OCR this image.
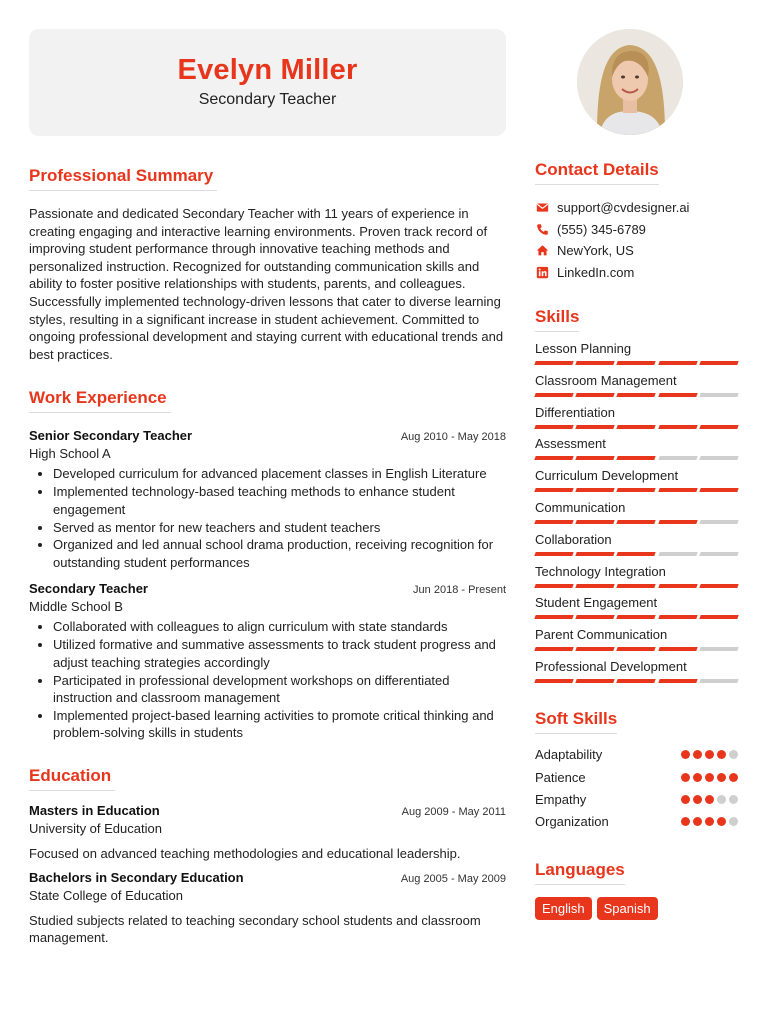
Evelyn Miller
Secondary Teacher
Professional Summary

Passionate and dedicated Secondary Teacher with 11 years of experience in creating engaging and interactive learning environments. Proven track record of improving student performance through innovative teaching methods and personalized instruction. Recognized for outstanding communication skills and ability to foster positive relationships with students, parents, and colleagues. Successfully implemented technology-driven lessons that cater to diverse learning styles, resulting in a significant increase in student achievement. Committed to ongoing professional development and staying current with educational trends and best practices.

Work Experience
Senior Secondary Teacher	Aug 2010 - May 2018
High School A
• Developed curriculum for advanced placement classes in English Literature
• Implemented technology-based teaching methods to enhance student engagement
• Served as mentor for new teachers and student teachers
• Organized and led annual school drama production, receiving recognition for outstanding student performances
Secondary Teacher	Jun 2018 - Present
Middle School B
• Collaborated with colleagues to align curriculum with state standards
• Utilized formative and summative assessments to track student progress and adjust teaching strategies accordingly
• Participated in professional development workshops on differentiated instruction and classroom management
• Implemented project-based learning activities to promote critical thinking and problem-solving skills in students
Education
Masters in Education	Aug 2009 - May 2011
University of Education

Focused on advanced teaching methodologies and educational leadership.

Bachelors in Secondary Education	Aug 2005 - May 2009
State College of Education

Studied subjects related to teaching secondary school students and classroom management.

Contact Details
support@cvdesigner.ai
(555) 345-6789
NewYork, US
LinkedIn.com
Skills
Lesson Planning
Classroom Management
Differentiation
Assessment
Curriculum Development
Communication
Collaboration
Technology Integration
Student Engagement
Parent Communication
Professional Development
Soft Skills
Adaptability
Patience
Empathy
Organization
Languages
English	Spanish
